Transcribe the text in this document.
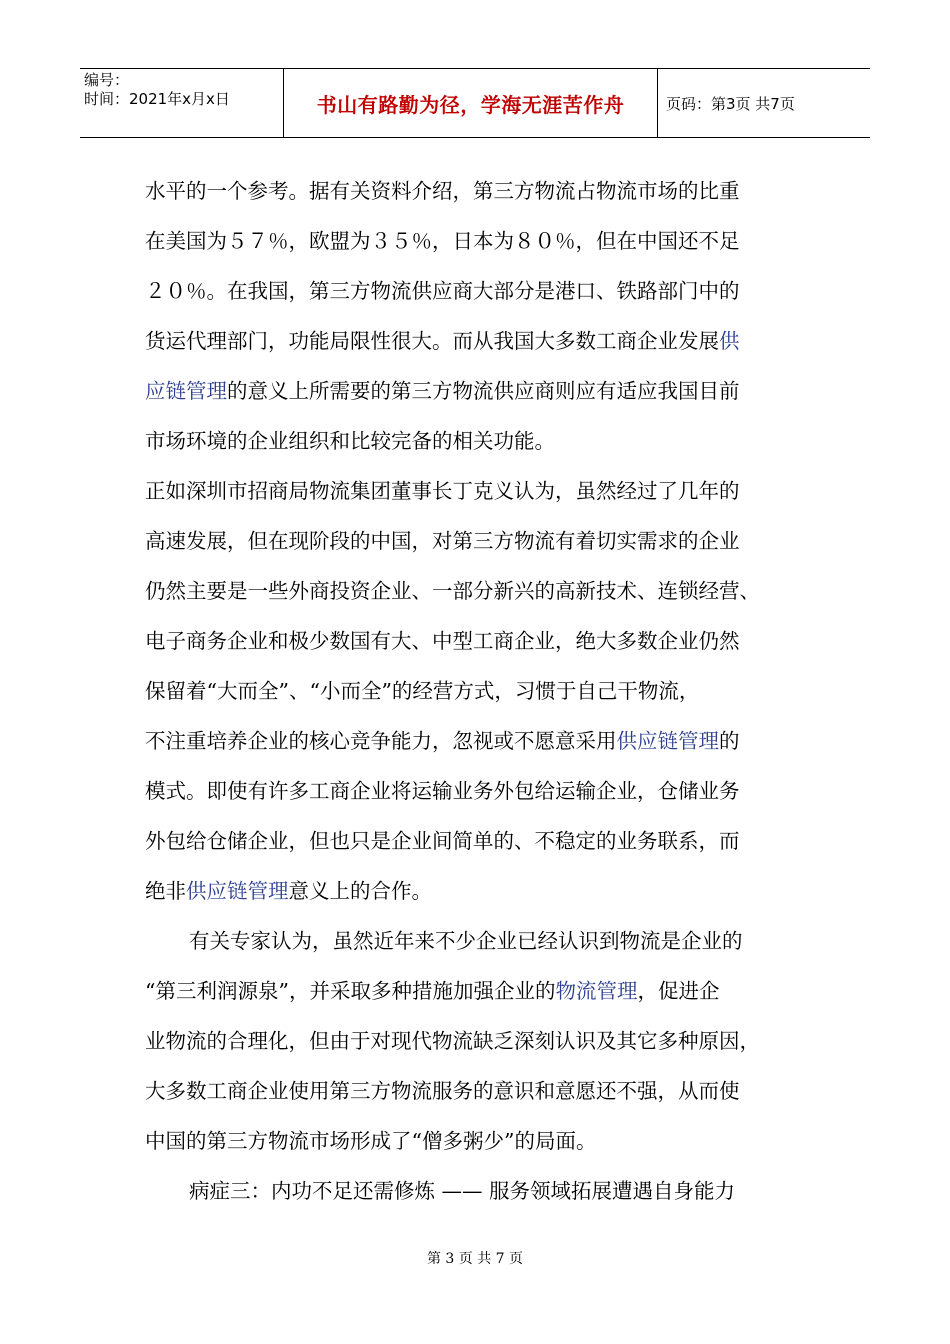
编号：
时间：2021年x月x日	书山有路勤为径，学海无涯苦作舟	页码：第3页 共7页
水平的一个参考。据有关资料介绍，第三方物流占物流市场的比重
在美国为５７％，欧盟为３５％，日本为８０％，但在中国还不足
２０％。在我国，第三方物流供应商大部分是港口、铁路部门中的
货运代理部门，功能局限性很大。而从我国大多数工商企业发展供
应链管理的意义上所需要的第三方物流供应商则应有适应我国目前
市场环境的企业组织和比较完备的相关功能。
正如深圳市招商局物流集团董事长丁克义认为，虽然经过了几年的
高速发展，但在现阶段的中国，对第三方物流有着切实需求的企业
仍然主要是一些外商投资企业、一部分新兴的高新技术、连锁经营、
电子商务企业和极少数国有大、中型工商企业，绝大多数企业仍然
保留着“大而全”、“小而全”的经营方式，习惯于自己干物流，
不注重培养企业的核心竞争能力，忽视或不愿意采用供应链管理的
模式。即使有许多工商企业将运输业务外包给运输企业，仓储业务
外包给仓储企业，但也只是企业间简单的、不稳定的业务联系，而
绝非供应链管理意义上的合作。
有关专家认为，虽然近年来不少企业已经认识到物流是企业的
“第三利润源泉”，并采取多种措施加强企业的物流管理，促进企
业物流的合理化，但由于对现代物流缺乏深刻认识及其它多种原因，
大多数工商企业使用第三方物流服务的意识和意愿还不强，从而使
中国的第三方物流市场形成了“僧多粥少”的局面。
病症三：内功不足还需修炼 —— 服务领域拓展遭遇自身能力
第 3 页 共 7 页
